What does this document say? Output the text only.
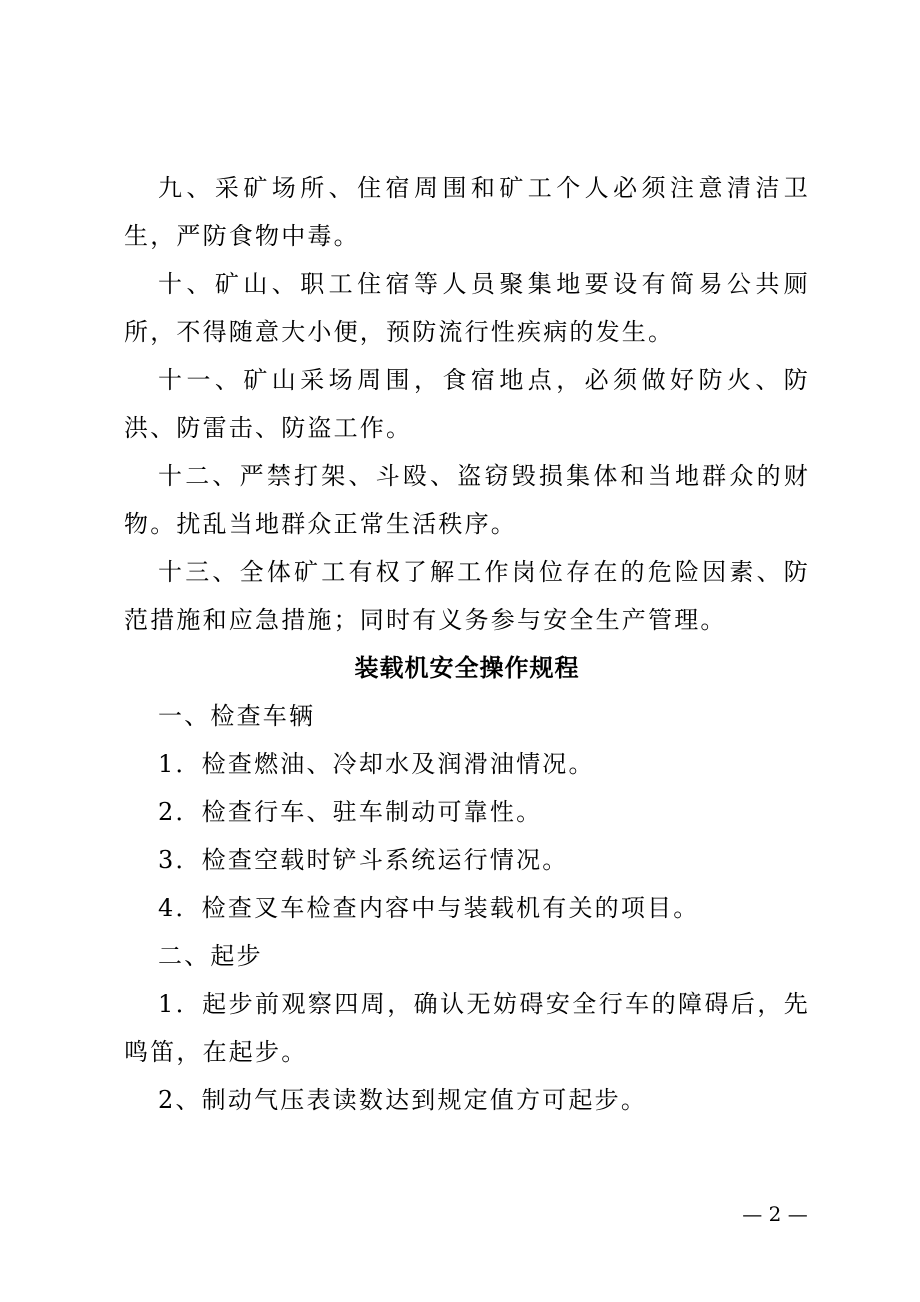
九、采矿场所、住宿周围和矿工个人必须注意清洁卫生，严防食物中毒。

十、矿山、职工住宿等人员聚集地要设有简易公共厕所，不得随意大小便，预防流行性疾病的发生。

十一、矿山采场周围，食宿地点，必须做好防火、防洪、防雷击、防盗工作。

十二、严禁打架、斗殴、盗窃毁损集体和当地群众的财物。扰乱当地群众正常生活秩序。

十三、全体矿工有权了解工作岗位存在的危险因素、防范措施和应急措施；同时有义务参与安全生产管理。

装载机安全操作规程

一、检查车辆

1．检查燃油、冷却水及润滑油情况。

2．检查行车、驻车制动可靠性。

3．检查空载时铲斗系统运行情况。

4．检查叉车检查内容中与装载机有关的项目。

二、起步

1．起步前观察四周，确认无妨碍安全行车的障碍后，先鸣笛，在起步。

2、制动气压表读数达到规定值方可起步。

— 2 —
